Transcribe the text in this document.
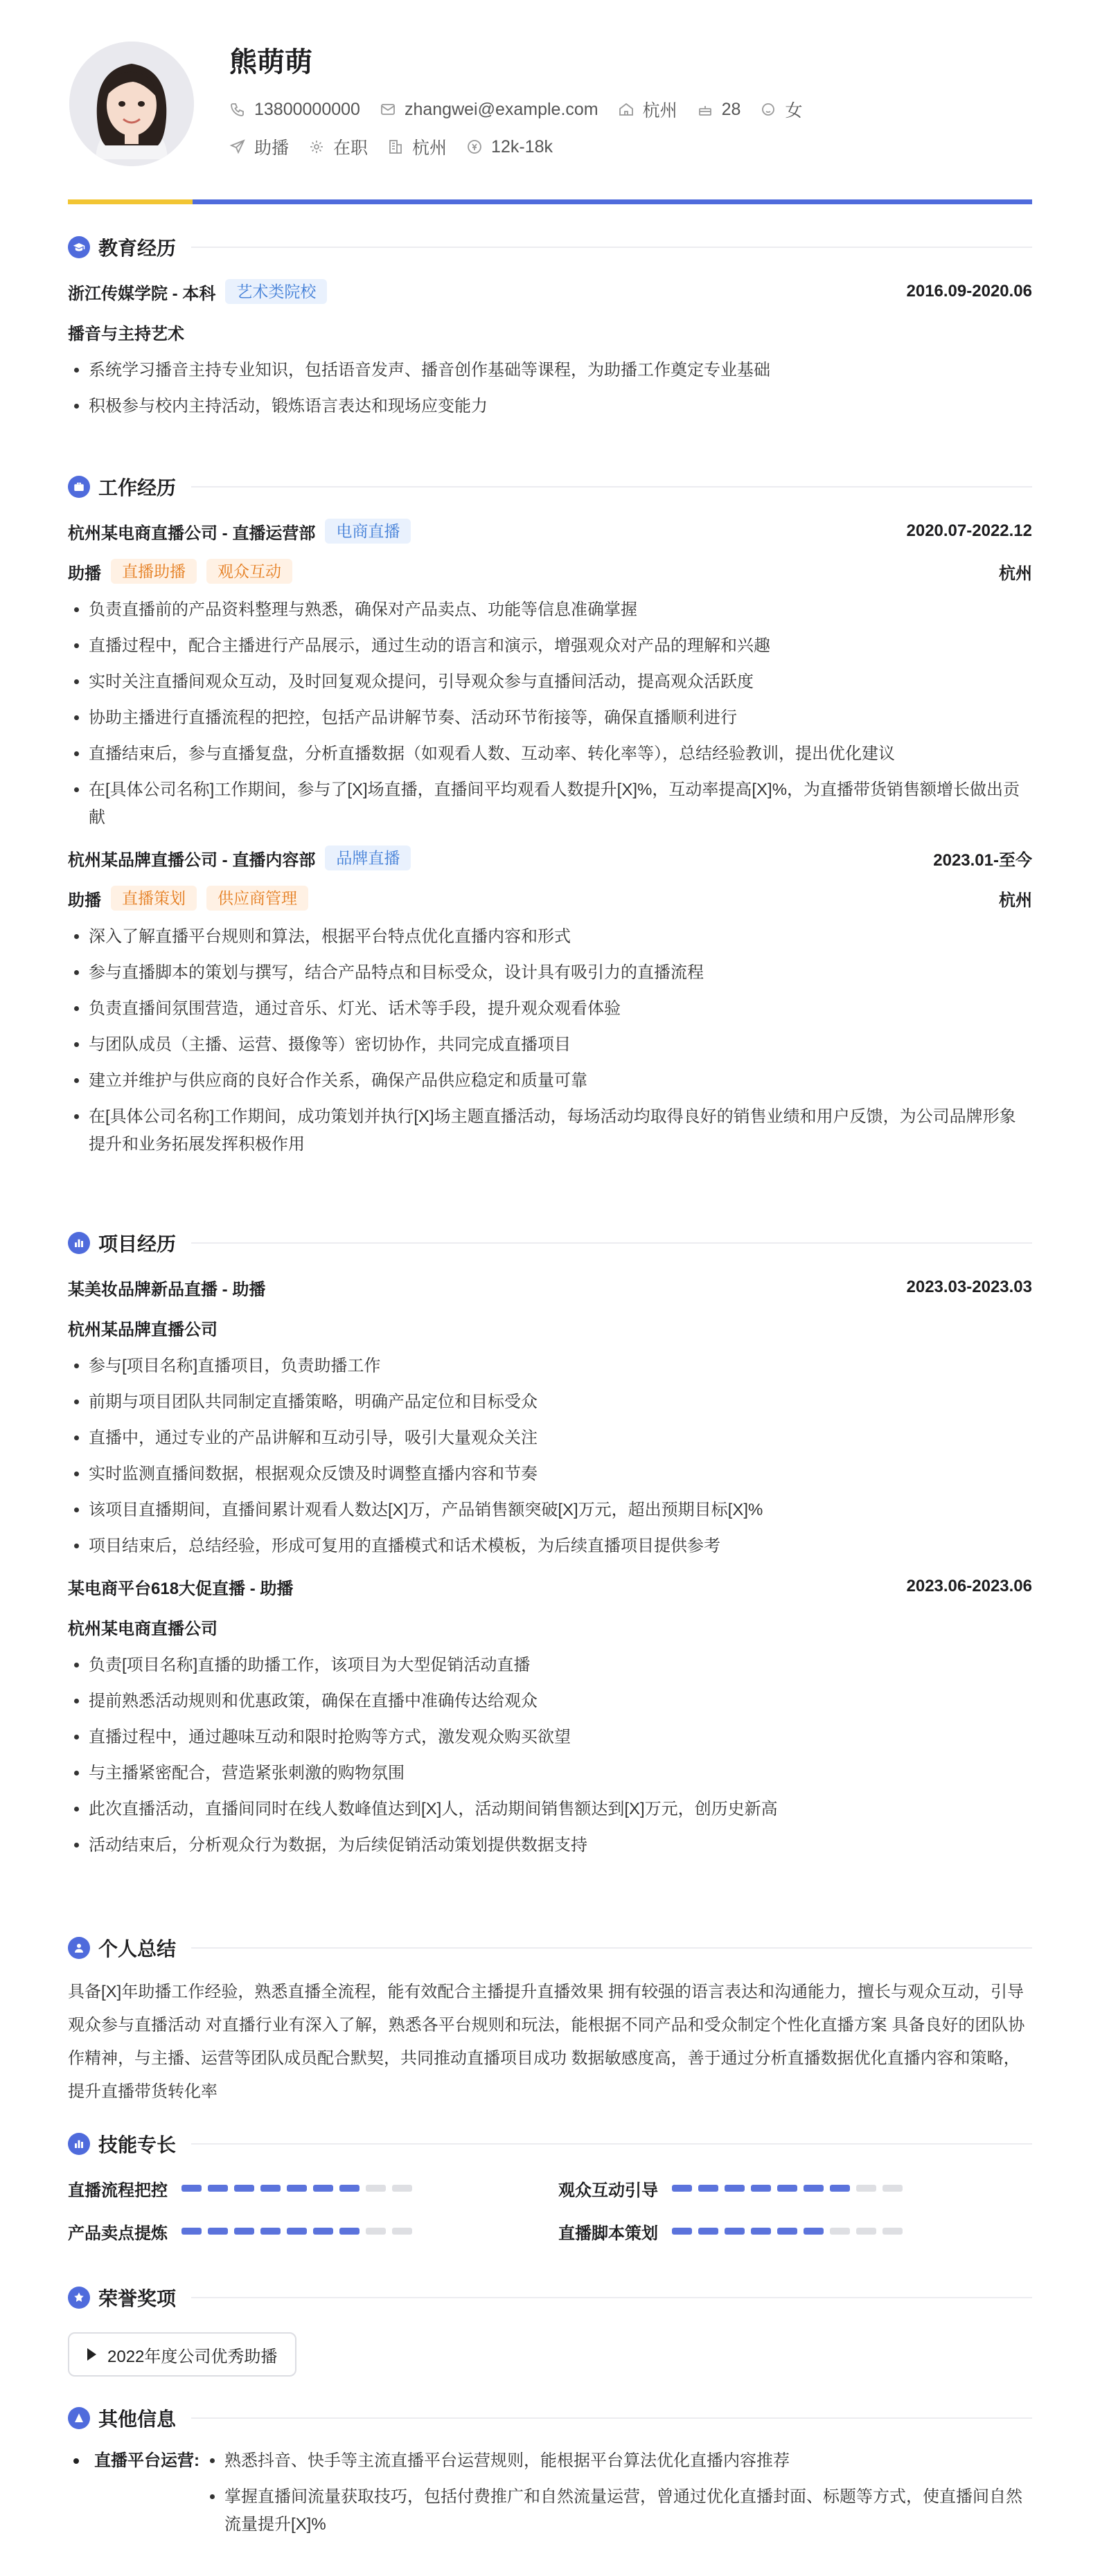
熊萌萌
13800000000	zhangwei@example.com	杭州	28	女
助播	在职	杭州	12k-18k
教育经历
浙江传媒学院 - 本科	艺术类院校	2016.09-2020.06
播音与主持艺术
• 系统学习播音主持专业知识，包括语音发声、播音创作基础等课程，为助播工作奠定专业基础
• 积极参与校内主持活动，锻炼语言表达和现场应变能力
工作经历
杭州某电商直播公司 - 直播运营部	电商直播	2020.07-2022.12
助播	直播助播	观众互动	杭州
• 负责直播前的产品资料整理与熟悉，确保对产品卖点、功能等信息准确掌握
• 直播过程中，配合主播进行产品展示，通过生动的语言和演示，增强观众对产品的理解和兴趣
• 实时关注直播间观众互动，及时回复观众提问，引导观众参与直播间活动，提高观众活跃度
• 协助主播进行直播流程的把控，包括产品讲解节奏、活动环节衔接等，确保直播顺利进行
• 直播结束后，参与直播复盘，分析直播数据（如观看人数、互动率、转化率等），总结经验教训，提出优化建议
• 在[具体公司名称]工作期间，参与了[X]场直播，直播间平均观看人数提升[X]%，互动率提高[X]%，为直播带货销售额增长做出贡献
杭州某品牌直播公司 - 直播内容部	品牌直播	2023.01-至今
助播	直播策划	供应商管理	杭州
• 深入了解直播平台规则和算法，根据平台特点优化直播内容和形式
• 参与直播脚本的策划与撰写，结合产品特点和目标受众，设计具有吸引力的直播流程
• 负责直播间氛围营造，通过音乐、灯光、话术等手段，提升观众观看体验
• 与团队成员（主播、运营、摄像等）密切协作，共同完成直播项目
• 建立并维护与供应商的良好合作关系，确保产品供应稳定和质量可靠
• 在[具体公司名称]工作期间，成功策划并执行[X]场主题直播活动，每场活动均取得良好的销售业绩和用户反馈，为公司品牌形象提升和业务拓展发挥积极作用
项目经历
某美妆品牌新品直播 - 助播	2023.03-2023.03
杭州某品牌直播公司
• 参与[项目名称]直播项目，负责助播工作
• 前期与项目团队共同制定直播策略，明确产品定位和目标受众
• 直播中，通过专业的产品讲解和互动引导，吸引大量观众关注
• 实时监测直播间数据，根据观众反馈及时调整直播内容和节奏
• 该项目直播期间，直播间累计观看人数达[X]万，产品销售额突破[X]万元，超出预期目标[X]%
• 项目结束后，总结经验，形成可复用的直播模式和话术模板，为后续直播项目提供参考
某电商平台618大促直播 - 助播	2023.06-2023.06
杭州某电商直播公司
• 负责[项目名称]直播的助播工作，该项目为大型促销活动直播
• 提前熟悉活动规则和优惠政策，确保在直播中准确传达给观众
• 直播过程中，通过趣味互动和限时抢购等方式，激发观众购买欲望
• 与主播紧密配合，营造紧张刺激的购物氛围
• 此次直播活动，直播间同时在线人数峰值达到[X]人，活动期间销售额达到[X]万元，创历史新高
• 活动结束后，分析观众行为数据，为后续促销活动策划提供数据支持
个人总结
具备[X]年助播工作经验，熟悉直播全流程，能有效配合主播提升直播效果 拥有较强的语言表达和沟通能力，擅长与观众互动，引导观众参与直播活动 对直播行业有深入了解，熟悉各平台规则和玩法，能根据不同产品和受众制定个性化直播方案 具备良好的团队协作精神，与主播、运营等团队成员配合默契，共同推动直播项目成功 数据敏感度高，善于通过分析直播数据优化直播内容和策略，提升直播带货转化率
技能专长
直播流程把控	观众互动引导
产品卖点提炼	直播脚本策划
荣誉奖项
2022年度公司优秀助播
其他信息
直播平台运营:
• 熟悉抖音、快手等主流直播平台运营规则，能根据平台算法优化直播内容推荐
• 掌握直播间流量获取技巧，包括付费推广和自然流量运营，曾通过优化直播封面、标题等方式，使直播间自然流量提升[X]%
